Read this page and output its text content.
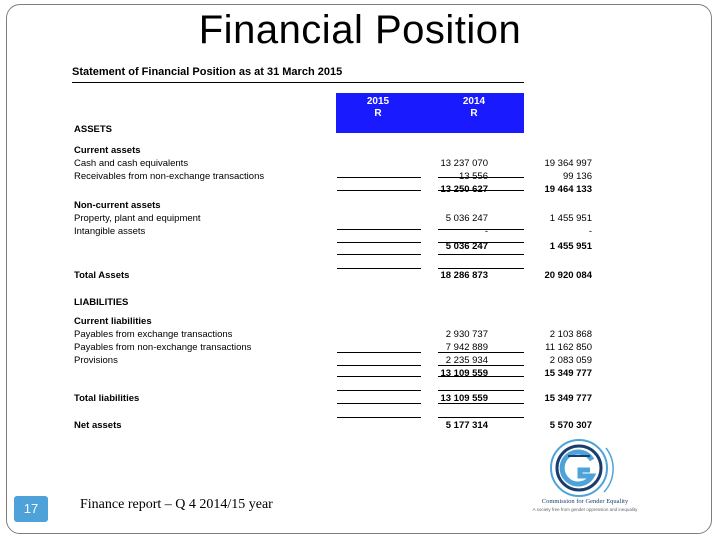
Financial Position
2015
R
2014
R
Statement of Financial Position as at 31 March 2015
ASSETS
Current assets
Cash and cash equivalents	13 237 070	19 364 997
Receivables from non-exchange transactions	13 556	99 136
13 250 627	19 464 133
Non-current assets
Property, plant and equipment	5 036 247	1 455 951
Intangible assets	-	-
5 036 247	1 455 951
Total Assets	18 286 873	20 920 084
LIABILITIES
Current liabilities
Payables from exchange transactions	2 930 737	2 103 868
Payables from non-exchange transactions	7 942 889	11 162 850
Provisions	2 235 934	2 083 059
13 109 559	15 349 777
Total liabilities	13 109 559	15 349 777
Net assets	5 177 314	5 570 307
17	Finance report – Q 4 2014/15 year	Commission for Gender Equality
A society free from gender oppression and inequality
